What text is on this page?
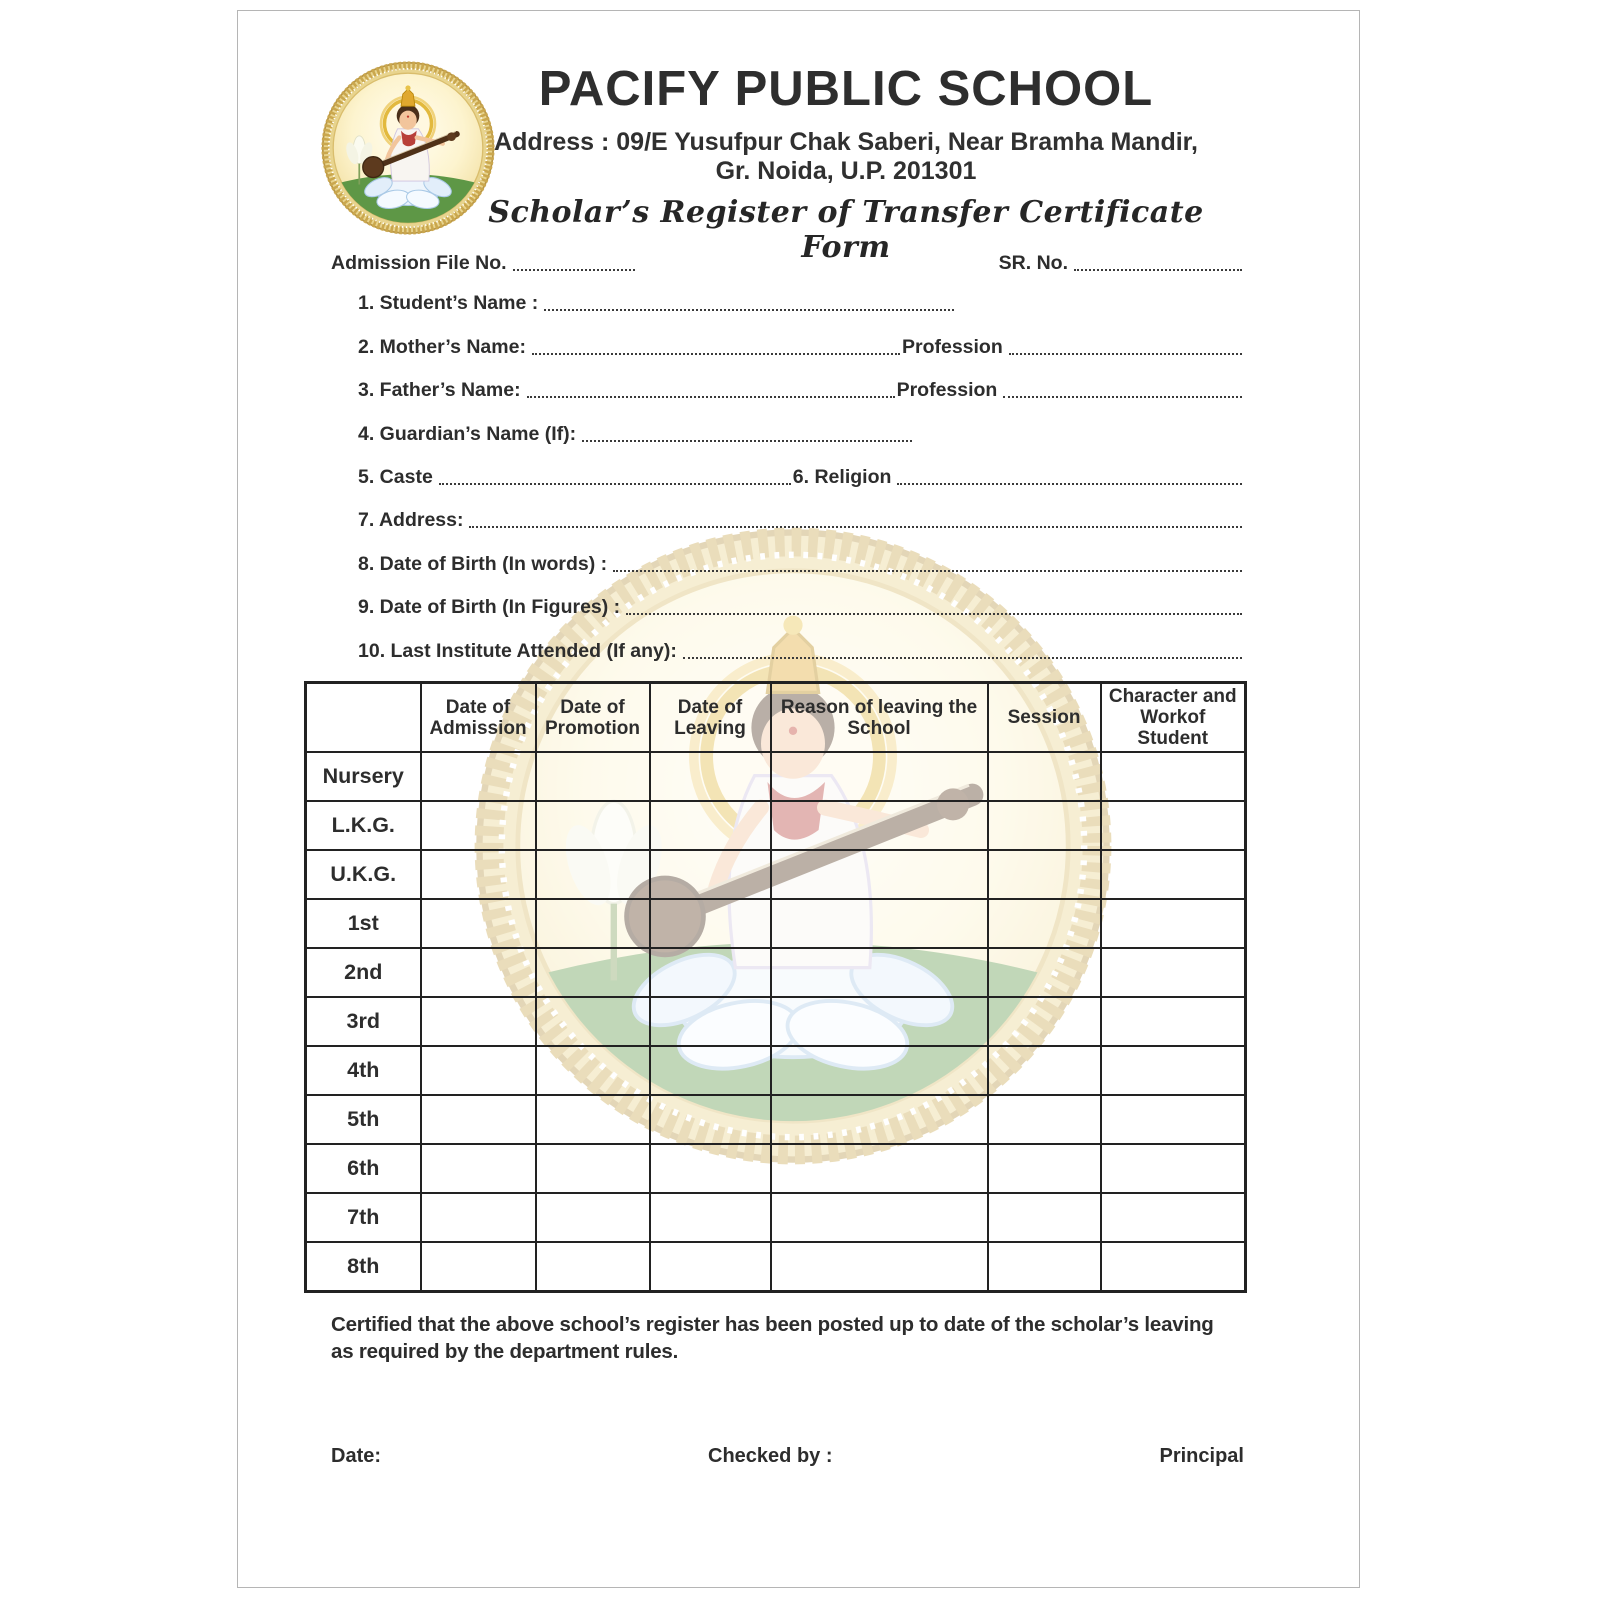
PACIFY PUBLIC SCHOOL
Address : 09/E Yusufpur Chak Saberi, Near Bramha Mandir,
Gr. Noida, U.P. 201301
Scholar’s Register of Transfer Certificate Form
Admission File No.	SR. No.
1. Student’s Name :
2. Mother’s Name:	Profession
3. Father’s Name:	Profession
4. Guardian’s Name (If):
5. Caste	6. Religion
7. Address:
8. Date of Birth (In words) :
9. Date of Birth (In Figures) :
10. Last Institute Attended (If any):
	Date of Admission	Date of Promotion	Date of Leaving	Reason of leaving the School	Session	Character and Workof Student
Nursery						
L.K.G.						
U.K.G.						
1st						
2nd						
3rd						
4th						
5th						
6th						
7th						
8th						
Certified that the above school’s register has been posted up to date of the scholar’s leaving
as required by the department rules.
Date:	Checked by :	Principal
